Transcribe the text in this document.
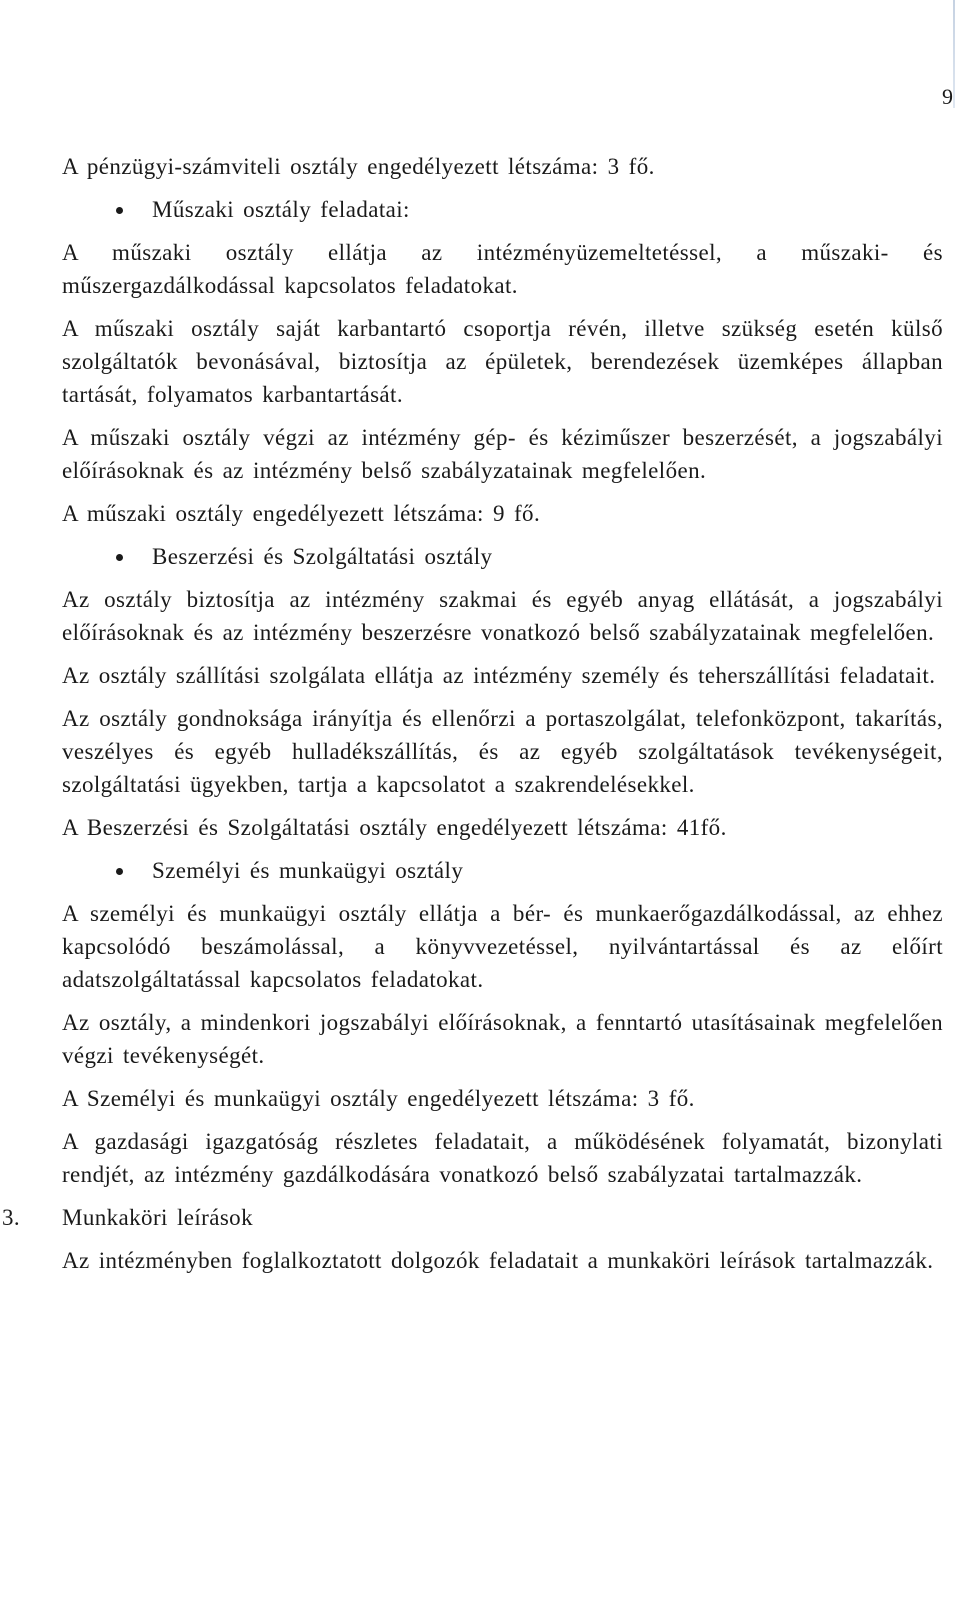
9

A pénzügyi-számviteli osztály engedélyezett létszáma: 3 fő.

Műszaki osztály feladatai:

A műszaki osztály ellátja az intézményüzemeltetéssel, a műszaki- és műszergazdálkodással kapcsolatos feladatokat.

A műszaki osztály saját karbantartó csoportja révén, illetve szükség esetén külső szolgáltatók bevonásával, biztosítja az épületek, berendezések üzemképes állapban tartását, folyamatos karbantartását.

A műszaki osztály végzi az intézmény gép- és kéziműszer beszerzését, a jogszabályi előírásoknak és az intézmény belső szabályzatainak megfelelően.

A műszaki osztály engedélyezett létszáma: 9 fő.

Beszerzési és Szolgáltatási osztály

Az osztály biztosítja az intézmény szakmai és egyéb anyag ellátását, a jogszabályi előírásoknak és az intézmény beszerzésre vonatkozó belső szabályzatainak megfelelően.

Az osztály szállítási szolgálata ellátja az intézmény személy és teherszállítási feladatait.

Az osztály gondnoksága irányítja és ellenőrzi a portaszolgálat, telefonközpont, takarítás, veszélyes és egyéb hulladékszállítás, és az egyéb szolgáltatások tevékenységeit, szolgáltatási ügyekben, tartja a kapcsolatot a szakrendelésekkel.

A Beszerzési és Szolgáltatási osztály engedélyezett létszáma: 41fő.

Személyi és munkaügyi osztály

A személyi és munkaügyi osztály ellátja a bér- és munkaerőgazdálkodással, az ehhez kapcsolódó beszámolással, a könyvvezetéssel, nyilvántartással és az előírt adatszolgáltatással kapcsolatos feladatokat.

Az osztály, a mindenkori jogszabályi előírásoknak, a fenntartó utasításainak megfelelően végzi tevékenységét.

A Személyi és munkaügyi osztály engedélyezett létszáma: 3 fő.

A gazdasági igazgatóság részletes feladatait, a működésének folyamatát, bizonylati rendjét, az intézmény gazdálkodására vonatkozó belső szabályzatai tartalmazzák.

3. Munkaköri leírások

Az intézményben foglalkoztatott dolgozók feladatait a munkaköri leírások tartalmazzák.
